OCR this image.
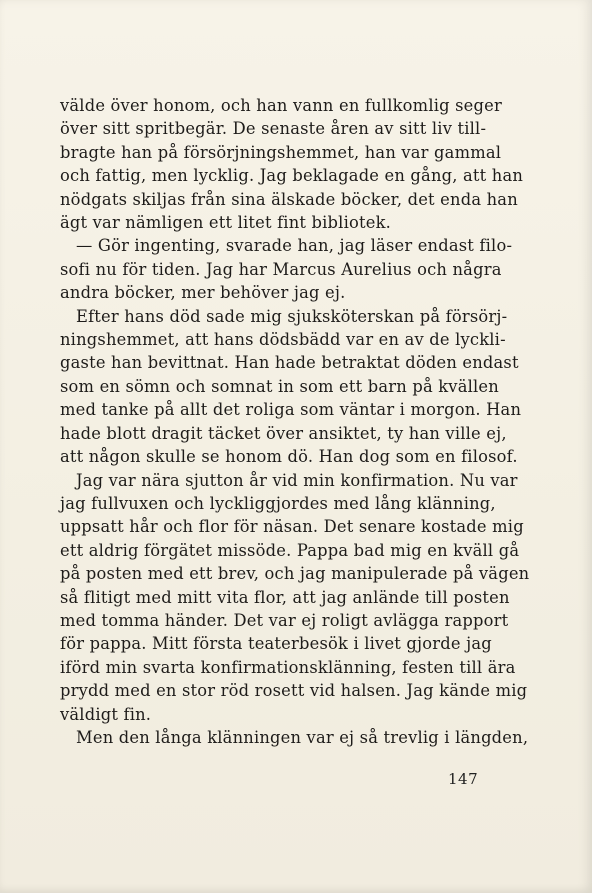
välde över honom, och han vann en fullkomlig seger
över sitt spritbegär. De senaste åren av sitt liv till-
bragte han på försörjningshemmet, han var gammal
och fattig, men lycklig. Jag beklagade en gång, att han
nödgats skiljas från sina älskade böcker, det enda han
ägt var nämligen ett litet fint bibliotek.

— Gör ingenting, svarade han, jag läser endast filo-
sofi nu för tiden. Jag har Marcus Aurelius och några
andra böcker, mer behöver jag ej.

Efter hans död sade mig sjuksköterskan på försörj-
ningshemmet, att hans dödsbädd var en av de lyckli-
gaste han bevittnat. Han hade betraktat döden endast
som en sömn och somnat in som ett barn på kvällen
med tanke på allt det roliga som väntar i morgon. Han
hade blott dragit täcket över ansiktet, ty han ville ej,
att någon skulle se honom dö. Han dog som en filosof.

Jag var nära sjutton år vid min konfirmation. Nu var
jag fullvuxen och lyckliggjordes med lång klänning,
uppsatt hår och flor för näsan. Det senare kostade mig
ett aldrig förgätet missöde. Pappa bad mig en kväll gå
på posten med ett brev, och jag manipulerade på vägen
så flitigt med mitt vita flor, att jag anlände till posten
med tomma händer. Det var ej roligt avlägga rapport
för pappa. Mitt första teaterbesök i livet gjorde jag
iförd min svarta konfirmationsklänning, festen till ära
prydd med en stor röd rosett vid halsen. Jag kände mig
väldigt fin.

Men den långa klänningen var ej så trevlig i längden,

147
